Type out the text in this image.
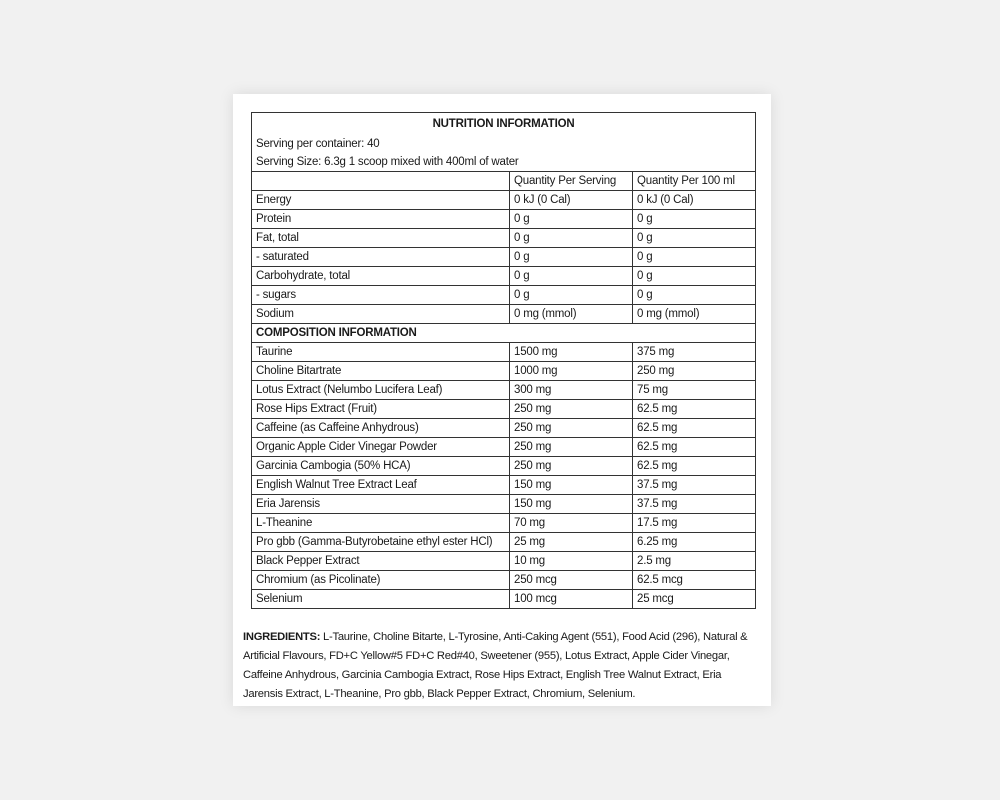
NUTRITION INFORMATION		
Serving per container: 40		
Serving Size: 6.3g 1 scoop mixed with 400ml of water		
	Quantity Per Serving	Quantity Per 100 ml
Energy	0 kJ (0 Cal)	0 kJ (0 Cal)
Protein	0 g	0 g
Fat, total	0 g	0 g
- saturated	0 g	0 g
Carbohydrate, total	0 g	0 g
- sugars	0 g	0 g
Sodium	0 mg (mmol)	0 mg (mmol)
COMPOSITION INFORMATION		
Taurine	1500 mg	375 mg
Choline Bitartrate	1000 mg	250 mg
Lotus Extract (Nelumbo Lucifera Leaf)	300 mg	75 mg
Rose Hips Extract (Fruit)	250 mg	62.5 mg
Caffeine (as Caffeine Anhydrous)	250 mg	62.5 mg
Organic Apple Cider Vinegar Powder	250 mg	62.5 mg
Garcinia Cambogia (50% HCA)	250 mg	62.5 mg
English Walnut Tree Extract Leaf	150 mg	37.5 mg
Eria Jarensis	150 mg	37.5 mg
L-Theanine	70 mg	17.5 mg
Pro gbb (Gamma-Butyrobetaine ethyl ester HCl)	25 mg	6.25 mg
Black Pepper Extract	10 mg	2.5 mg
Chromium (as Picolinate)	250 mcg	62.5 mcg
Selenium	100 mcg	25 mcg

INGREDIENTS: L-Taurine, Choline Bitarte, L-Tyrosine, Anti-Caking Agent (551), Food Acid (296), Natural & Artificial Flavours, FD+C Yellow#5 FD+C Red#40, Sweetener (955), Lotus Extract, Apple Cider Vinegar, Caffeine Anhydrous, Garcinia Cambogia Extract, Rose Hips Extract, English Tree Walnut Extract, Eria Jarensis Extract, L-Theanine, Pro gbb, Black Pepper Extract, Chromium, Selenium.
